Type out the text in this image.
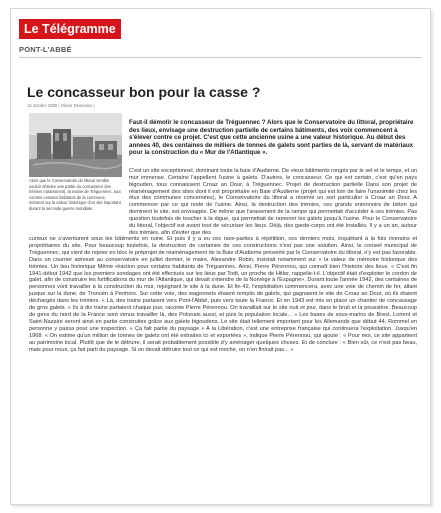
Le Télégramme
PONT-L'ABBÉ
Le concasseur bon pour la casse ?
12 octobre 2005 | Olivier Desveaux |

Alors que le Conservatoire du littoral semble vouloir détruire une partie du concasseur (les trémies notamment), la mairie de Tréguennec, tout comme certains habitants de la commune, insistent sur la valeur historique d'un site important durant la seconde guerre mondiale.

Faut-il démolir le concasseur de Tréguennec ? Alors que le Conservatoire du littoral, propriétaire des lieux, envisage une destruction partielle de certains bâtiments, des voix commencent à s'élever contre ce projet. C'est que cette ancienne usine a une valeur historique. Au début des années 40, des centaines de milliers de tonnes de galets sont parties de là, servant de matériaux pour la construction du « Mur de l'Atlantique ».

C'est un site exceptionnel, dominant toute la baie d'Audierne. De vieux bâtiments rongés par le sel et le temps, et un mur immense. Certains l'appellent l'usine à galets. D'autres, le concasseur. Ce qui est certain, c'est qu'en pays bigouden, tous connaissent Croaz an Dour, à Tréguennec. Projet de destruction partielle Dans son projet de réaménagement des sites dont il est propriétaire en Baie d'Audierne (projet qui est loin de faire l'unanimité chez les élus des communes concernées), le Conservatoire du littoral a réservé un sort particulier à Croaz an Dour. A commencer par ce qui reste de l'usine. Ainsi, la destruction des trémies, ces grands entonnoirs de béton qui dominent le site, est envisagée. De même que l'arasement de la rampe qui permettait d'accéder à ces trémies. Pas question toutefois de toucher à la digue, qui permettait de ramener les galets jusqu'à l'usine. Pour le Conservatoire du littoral, l'objectif est avant tout de sécuriser les lieux. Déjà, des garde-corps ont été installés. Il y a un an, autour des trémies, afin d'éviter que des

curieux ne s'aventurent sous les bâtiments en ruine. Et puis il y a eu ces rave-parties à répétition, ces derniers mois, inquiétant à la fois riverains et propriétaires du site. Pour beaucoup toutefois, la destruction de certaines de ces constructions n'est pas une solution. Ainsi, le conseil municipal de Tréguennec, qui vient de rejeter en bloc le préprojet de réaménagement de la Baie d'Audierne présenté par le Conservatoire du littoral, n'y est pas favorable. Dans un courrier adressé au conservatoire en juillet dernier, le maire, Alexandre Robin, insistait notamment sur « la valeur de mémoire historique des trémies. Un lieu historique Même réaction pour certains habitants de Tréguennec. Ainsi, Pierre Pérennou, qui connaît bien l'histoire des lieux. « C'est fin 1941-début 1942 que les premiers sondages ont été effectués sur les lieux par Todt, un proche de Hitler, rappelle-t-il. L'objectif était d'exploiter le cordon de galet, afin de construire les fortifications du mur de l'Atlantique, qui devait s'étendre de la Norvège à l'Espagne». Durant toute l'année 1942, des centaines de personnes vont travailler à la construction du mur, rejoignant le site à la dune. Et fin 42, l'exploitation commencera, avec une voie de chemin de fer, allant jusque sur la dune, de Tronoën à Penhors. Sur cette voie, des wagonnets étaient remplis de galets, qui gagnaient le site de Croaz an Dour, où ils étaient déchargés dans les trémies. « Là, des trains partaient vers Pont-l'Abbé, puis vers toute la France. Et en 1943 est mis en place un chantier de concassage de gros galets. « Ils à dix trains partaient chaque jour, raconte Pierre Pérennou. On travaillait sur le site nuit et jour, dans le bruit et la poussière. Beaucoup de gens du nord de la France sont venus travailler là, des Polonais aussi, et puis la population locale... » Les bases de sous-marins de Brest, Lorient et Saint-Nazaire seront ainsi en partie construites grâce aux galets bigoudens. Le site était tellement important pour les Allemands que début 44, Rommel en personne y passa pour une inspection. « Ça fait partie du paysage » A la Libération, c'est une entreprise française qui continuera l'exploitation. Jusqu'en 1968. « On estime qu'un million de tonnes de galets ont été extraites ici et exportées », indique Pierre Pérennou, qui ajoute : « Pour moi, ce site appartient au patrimoine local. Plutôt que de le détruire, il serait probablement possible d'y aménager quelques choses. Et de conclure : « Bien sûr, ce n'est pas beau, mais pour nous, ça fait parti du paysage. Si on devait détruire tout ce qui est moche, on n'en finirait pas... »
